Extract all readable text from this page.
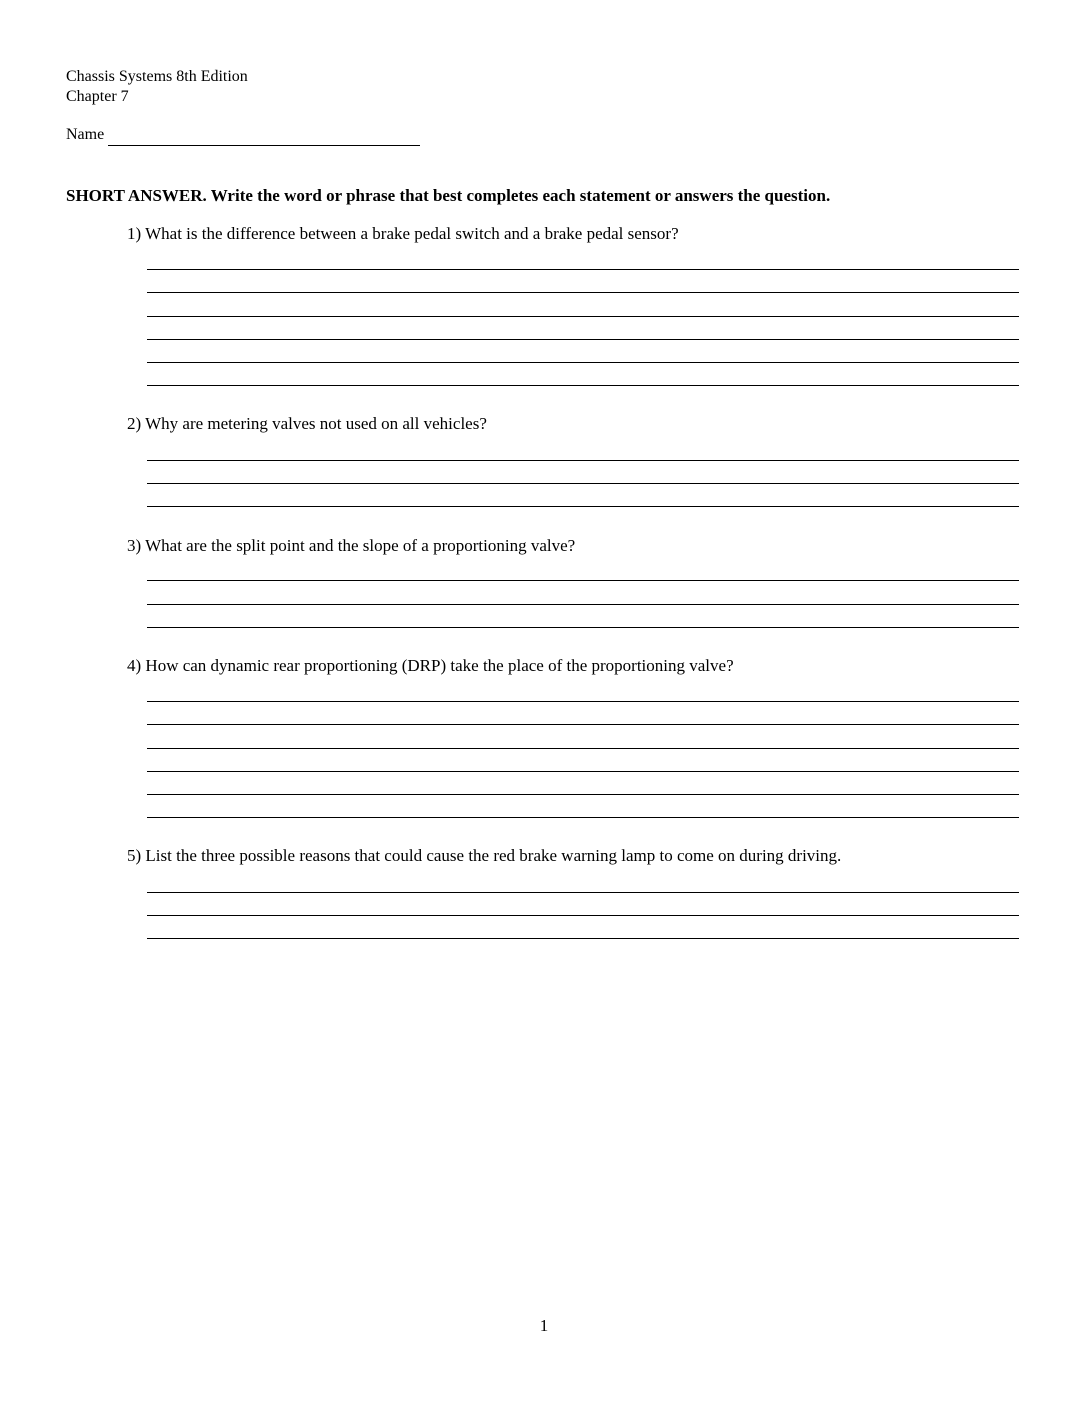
Chassis Systems 8th Edition
Chapter 7
Name
SHORT ANSWER. Write the word or phrase that best completes each statement or answers the question.
1) What is the difference between a brake pedal switch and a brake pedal sensor?
2) Why are metering valves not used on all vehicles?
3) What are the split point and the slope of a proportioning valve?
4) How can dynamic rear proportioning (DRP) take the place of the proportioning valve?
5) List the three possible reasons that could cause the red brake warning lamp to come on during driving.
1
